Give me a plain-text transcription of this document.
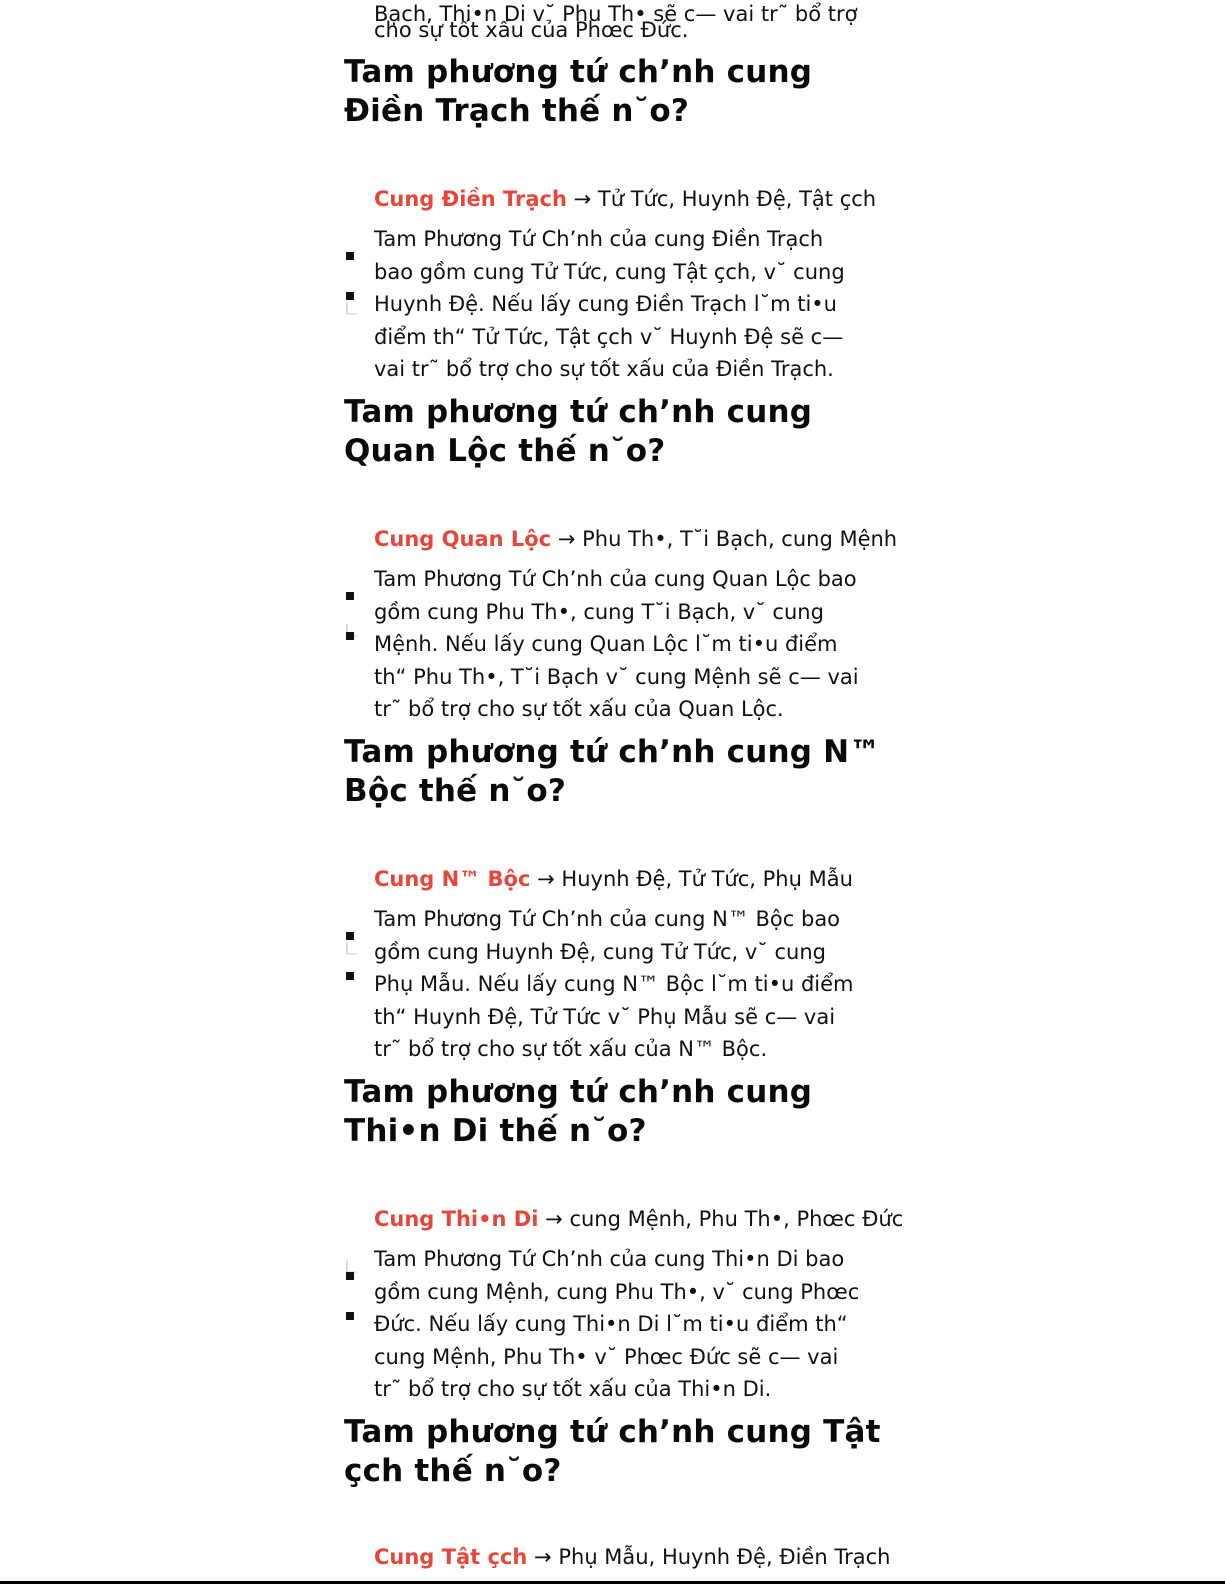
Bạch, Thi•n Di v˘ Phu Th• sẽ c— vai tr˜ bổ trợ cho sự tốt xấu của Phœc Đức.
Tam phương tứ ch’nh cung Điền Trạch thế n˘o?
Cung Điền Trạch → Tử Tức, Huynh Đệ, Tật çch

Tam Phương Tứ Ch’nh của cung Điền Trạch bao gồm cung Tử Tức, cung Tật çch, v˘ cung Huynh Đệ. Nếu lấy cung Điền Trạch l˘m ti•u điểm th“ Tử Tức, Tật çch v˘ Huynh Đệ sẽ c— vai tr˜ bổ trợ cho sự tốt xấu của Điền Trạch.

Tam phương tứ ch’nh cung Quan Lộc thế n˘o?
Cung Quan Lộc → Phu Th•, T˘i Bạch, cung Mệnh

Tam Phương Tứ Ch’nh của cung Quan Lộc bao gồm cung Phu Th•, cung T˘i Bạch, v˘ cung Mệnh. Nếu lấy cung Quan Lộc l˘m ti•u điểm th“ Phu Th•, T˘i Bạch v˘ cung Mệnh sẽ c— vai tr˜ bổ trợ cho sự tốt xấu của Quan Lộc.

Tam phương tứ ch’nh cung N™ Bộc thế n˘o?
Cung N™ Bộc → Huynh Đệ, Tử Tức, Phụ Mẫu

Tam Phương Tứ Ch’nh của cung N™ Bộc bao gồm cung Huynh Đệ, cung Tử Tức, v˘ cung Phụ Mẫu. Nếu lấy cung N™ Bộc l˘m ti•u điểm th“ Huynh Đệ, Tử Tức v˘ Phụ Mẫu sẽ c— vai tr˜ bổ trợ cho sự tốt xấu của N™ Bộc.

Tam phương tứ ch’nh cung Thi•n Di thế n˘o?
Cung Thi•n Di → cung Mệnh, Phu Th•, Phœc Đức

Tam Phương Tứ Ch’nh của cung Thi•n Di bao gồm cung Mệnh, cung Phu Th•, v˘ cung Phœc Đức. Nếu lấy cung Thi•n Di l˘m ti•u điểm th“ cung Mệnh, Phu Th• v˘ Phœc Đức sẽ c— vai tr˜ bổ trợ cho sự tốt xấu của Thi•n Di.

Tam phương tứ ch’nh cung Tật çch thế n˘o?
Cung Tật çch → Phụ Mẫu, Huynh Đệ, Điền Trạch
